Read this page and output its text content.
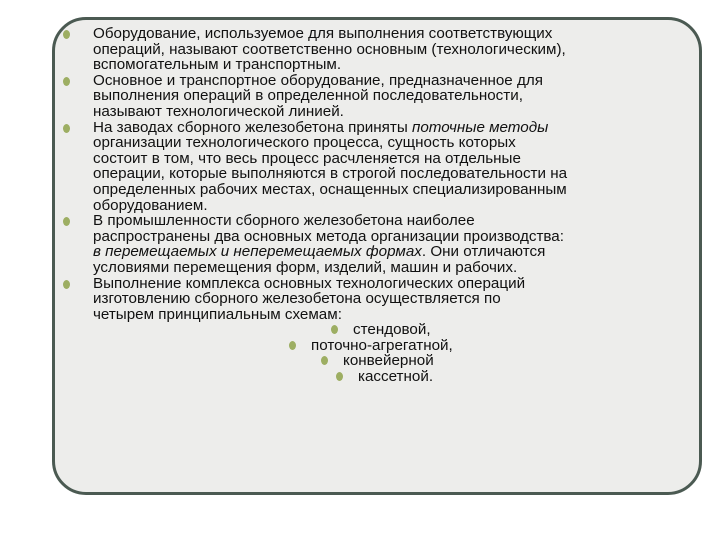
Оборудование, используемое для выполнения соответствующих
операций, называют соответственно основным (технологическим),
вспомогательным и транспортным.
Основное и транспортное оборудование, предназначенное для
выполнения операций в определенной последовательности,
называют технологической линией.
На заводах сборного железобетона приняты поточные методы
организации технологического процесса, сущность которых
состоит в том, что весь процесс расчленяется на отдельные
операции, которые выполняются в строгой последовательности на
определенных рабочих местах, оснащенных специализированным
оборудованием.
В промышленности сборного железобетона наиболее
распространены два основных метода организации производства:
в перемещаемых и неперемещаемых формах. Они отличаются
условиями перемещения форм, изделий, машин и рабочих.
Выполнение комплекса основных технологических операций
изготовлению сборного железобетона осуществляется по
четырем принципиальным схемам:
стендовой,
поточно-агрегатной,
конвейерной
кассетной.
